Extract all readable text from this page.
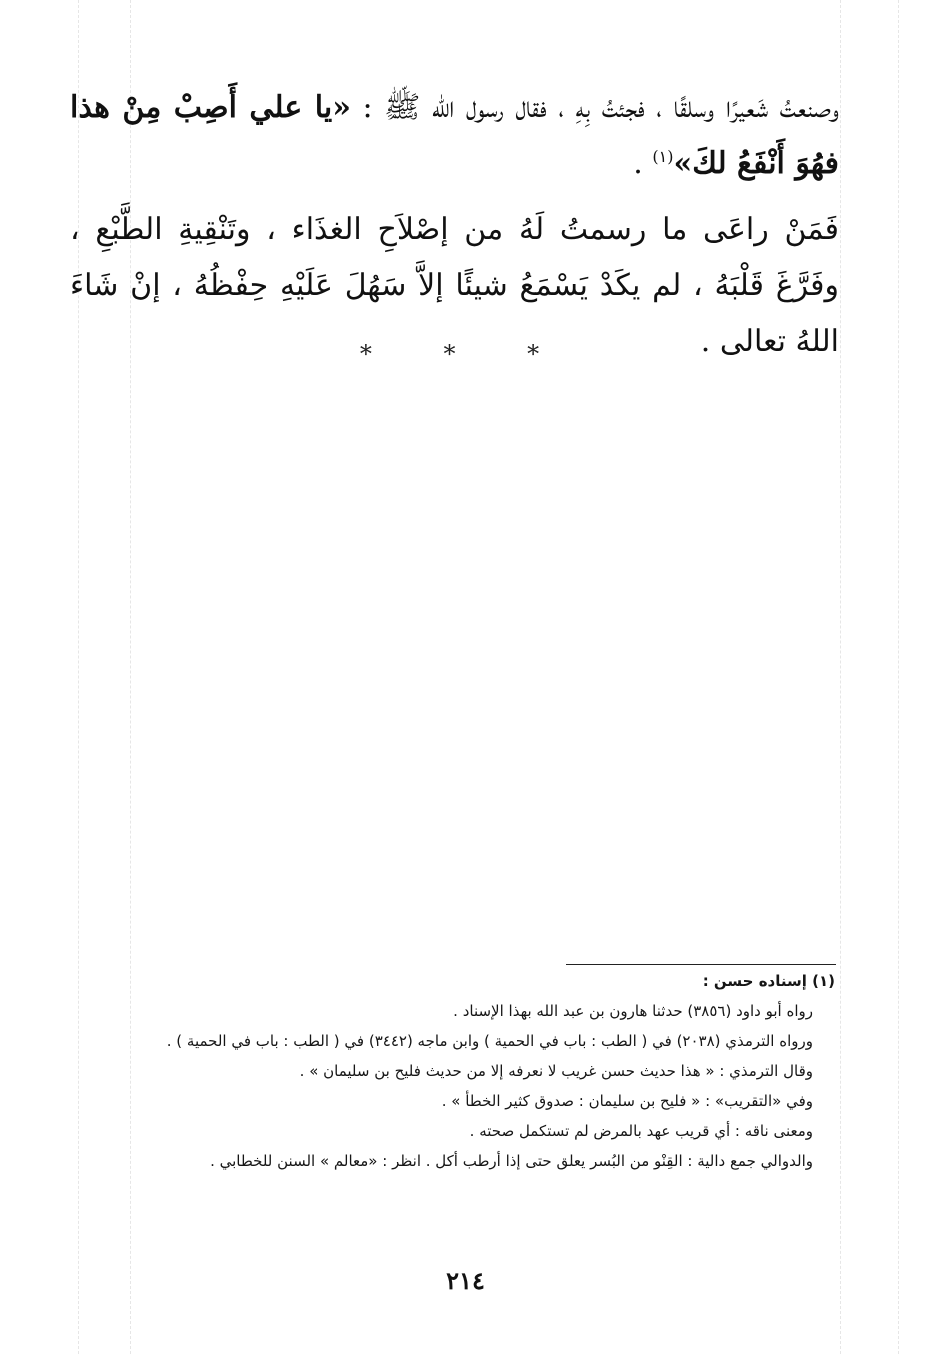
وصنعتُ شَعيرًا وسلقًا ، فجئتُ بِهِ ، فقال رسول الله ﷺ : «يا علي أَصِبْ مِنْ هذا فهُوَ أَنْفَعُ لكَ»$^{(١)}$ .

فَمَنْ راعَى ما رسمتُ لَهُ من إصْلاَحِ الغذَاء ، وتَنْقِيةِ الطَّبْعِ ، وفَرَّغَ قَلْبَهُ ، لم يكَدْ يَسْمَعُ شيئًا إلاَّ سَهُلَ عَلَيْهِ حِفْظُهُ ، إنْ شَاءَ اللهُ تعالى .

* * *

(١) إسناده حسن :

رواه أبو داود (٣٨٥٦) حدثنا هارون بن عبد الله بهذا الإسناد .

ورواه الترمذي (٢٠٣٨) في ( الطب : باب في الحمية ) وابن ماجه (٣٤٤٢) في ( الطب : باب في الحمية ) .

وقال الترمذي : « هذا حديث حسن غريب لا نعرفه إلا من حديث فليح بن سليمان » .

وفي «التقريب» : « فليح بن سليمان : صدوق كثير الخطأ » .

ومعنى ناقه : أي قريب عهد بالمرض لم تستكمل صحته .

والدوالي جمع دالية : القِنْو من البُسر يعلق حتى إذا أرطب أكل . انظر : «معالم » السنن للخطابي .

٢١٤
